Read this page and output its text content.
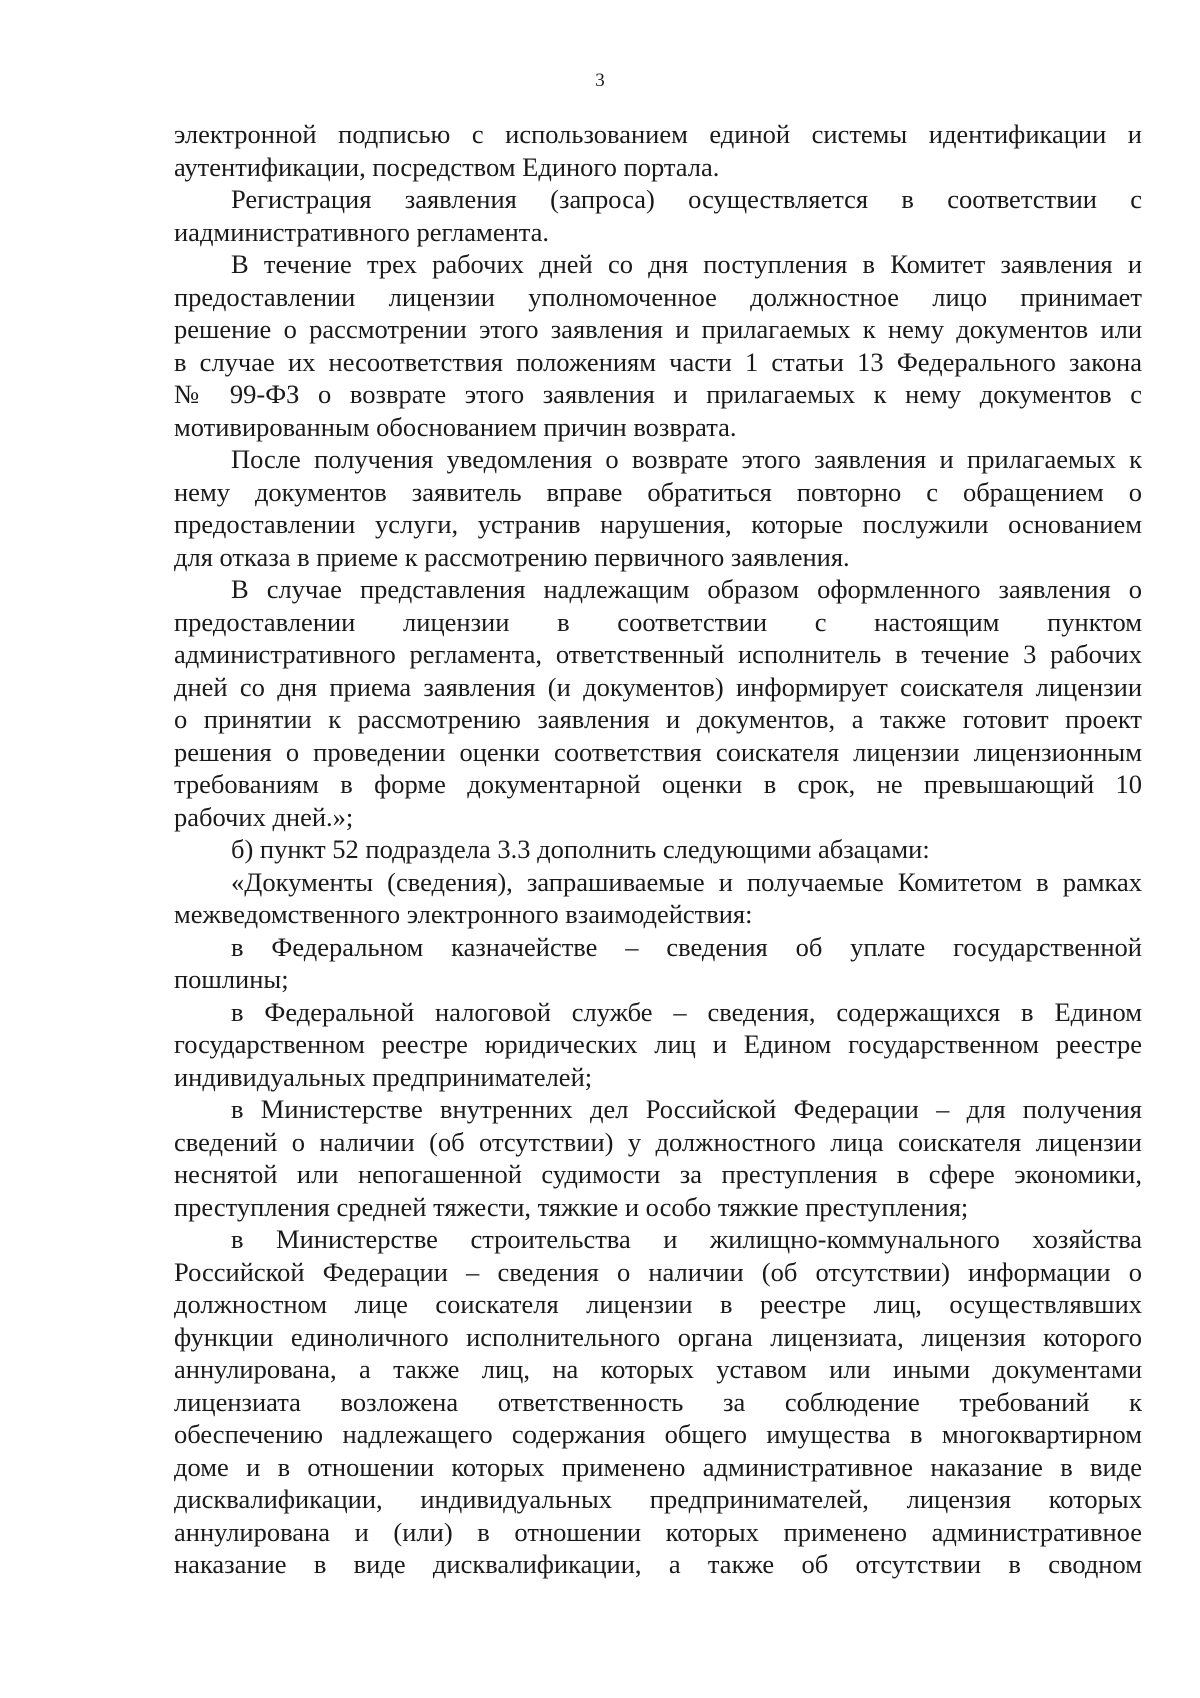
3
электронной подписью с использованием единой системы идентификации и
аутентификации, посредством Единого портала.
Регистрация заявления (запроса) осуществляется в соответствии с
иадминистративного регламента.
В течение трех рабочих дней со дня поступления в Комитет заявления и
предоставлении лицензии уполномоченное должностное лицо принимает
решение о рассмотрении этого заявления и прилагаемых к нему документов или
в случае их несоответствия положениям части 1 статьи 13 Федерального закона
№ 99-ФЗ о возврате этого заявления и прилагаемых к нему документов с
мотивированным обоснованием причин возврата.
После получения уведомления о возврате этого заявления и прилагаемых к
нему документов заявитель вправе обратиться повторно с обращением о
предоставлении услуги, устранив нарушения, которые послужили основанием
для отказа в приеме к рассмотрению первичного заявления.
В случае представления надлежащим образом оформленного заявления о
предоставлении лицензии в соответствии с настоящим пунктом
административного регламента, ответственный исполнитель в течение 3 рабочих
дней со дня приема заявления (и документов) информирует соискателя лицензии
о принятии к рассмотрению заявления и документов, а также готовит проект
решения о проведении оценки соответствия соискателя лицензии лицензионным
требованиям в форме документарной оценки в срок, не превышающий 10
рабочих дней.»;
б) пункт 52 подраздела 3.3 дополнить следующими абзацами:
«Документы (сведения), запрашиваемые и получаемые Комитетом в рамках
межведомственного электронного взаимодействия:
в Федеральном казначействе – сведения об уплате государственной
пошлины;
в Федеральной налоговой службе – сведения, содержащихся в Едином
государственном реестре юридических лиц и Едином государственном реестре
индивидуальных предпринимателей;
в Министерстве внутренних дел Российской Федерации – для получения
сведений о наличии (об отсутствии) у должностного лица соискателя лицензии
неснятой или непогашенной судимости за преступления в сфере экономики,
преступления средней тяжести, тяжкие и особо тяжкие преступления;
в Министерстве строительства и жилищно-коммунального хозяйства
Российской Федерации – сведения о наличии (об отсутствии) информации о
должностном лице соискателя лицензии в реестре лиц, осуществлявших
функции единоличного исполнительного органа лицензиата, лицензия которого
аннулирована, а также лиц, на которых уставом или иными документами
лицензиата возложена ответственность за соблюдение требований к
обеспечению надлежащего содержания общего имущества в многоквартирном
доме и в отношении которых применено административное наказание в виде
дисквалификации, индивидуальных предпринимателей, лицензия которых
аннулирована и (или) в отношении которых применено административное
наказание в виде дисквалификации, а также об отсутствии в сводном
